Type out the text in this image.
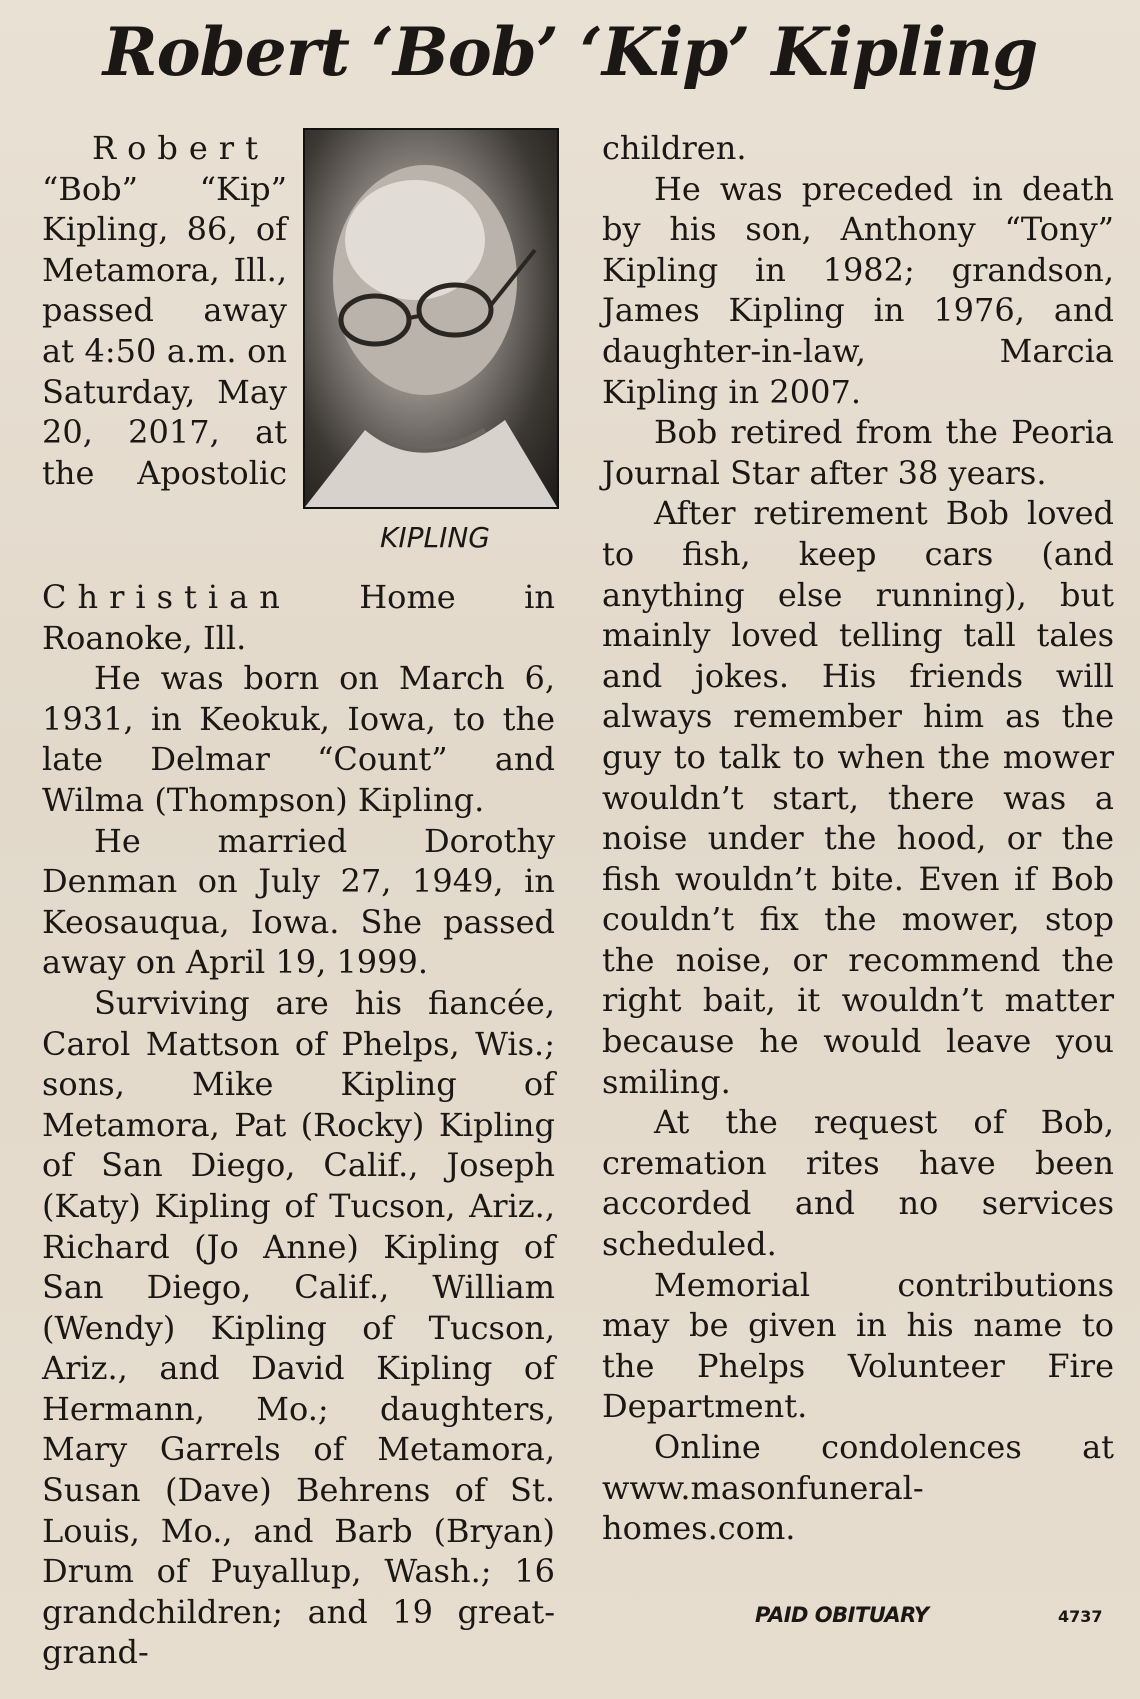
Robert ‘Bob’ ‘Kip’ Kipling
KIPLING

Robert “Bob” “Kip” Kipling, 86, of Metamora, Ill., passed away at 4:50 a.m. on Saturday, May 20, 2017, at the Apostolic Christian Home in Roanoke, Ill.

He was born on March 6, 1931, in Keokuk, Iowa, to the late Delmar “Count” and Wilma (Thompson) Kipling.

He married Dorothy Denman on July 27, 1949, in Keosauqua, Iowa. She passed away on April 19, 1999.

Surviving are his fiancée, Carol Mattson of Phelps, Wis.; sons, Mike Kipling of Metamora, Pat (Rocky) Kipling of San Diego, Calif., Joseph (Katy) Kipling of Tucson, Ariz., Richard (Jo Anne) Kipling of San Diego, Calif., William (Wendy) Kipling of Tucson, Ariz., and David Kipling of Hermann, Mo.; daughters, Mary Garrels of Metamora, Susan (Dave) Behrens of St. Louis, Mo., and Barb (Bryan) Drum of Puyallup, Wash.; 16 grandchildren; and 19 great-grand-

children.

He was preceded in death by his son, Anthony “Tony” Kipling in 1982; grandson, James Kipling in 1976, and daughter-in-law, Marcia Kipling in 2007.

Bob retired from the Peoria Journal Star after 38 years.

After retirement Bob loved to fish, keep cars (and anything else running), but mainly loved telling tall tales and jokes. His friends will always remember him as the guy to talk to when the mower wouldn’t start, there was a noise under the hood, or the fish wouldn’t bite. Even if Bob couldn’t fix the mower, stop the noise, or recommend the right bait, it wouldn’t matter because he would leave you smiling.

At the request of Bob, cremation rites have been accorded and no services scheduled.

Memorial contributions may be given in his name to the Phelps Volunteer Fire Department.

Online condolences at www.masonfuneral-homes.com.

PAID OBITUARY	4737
